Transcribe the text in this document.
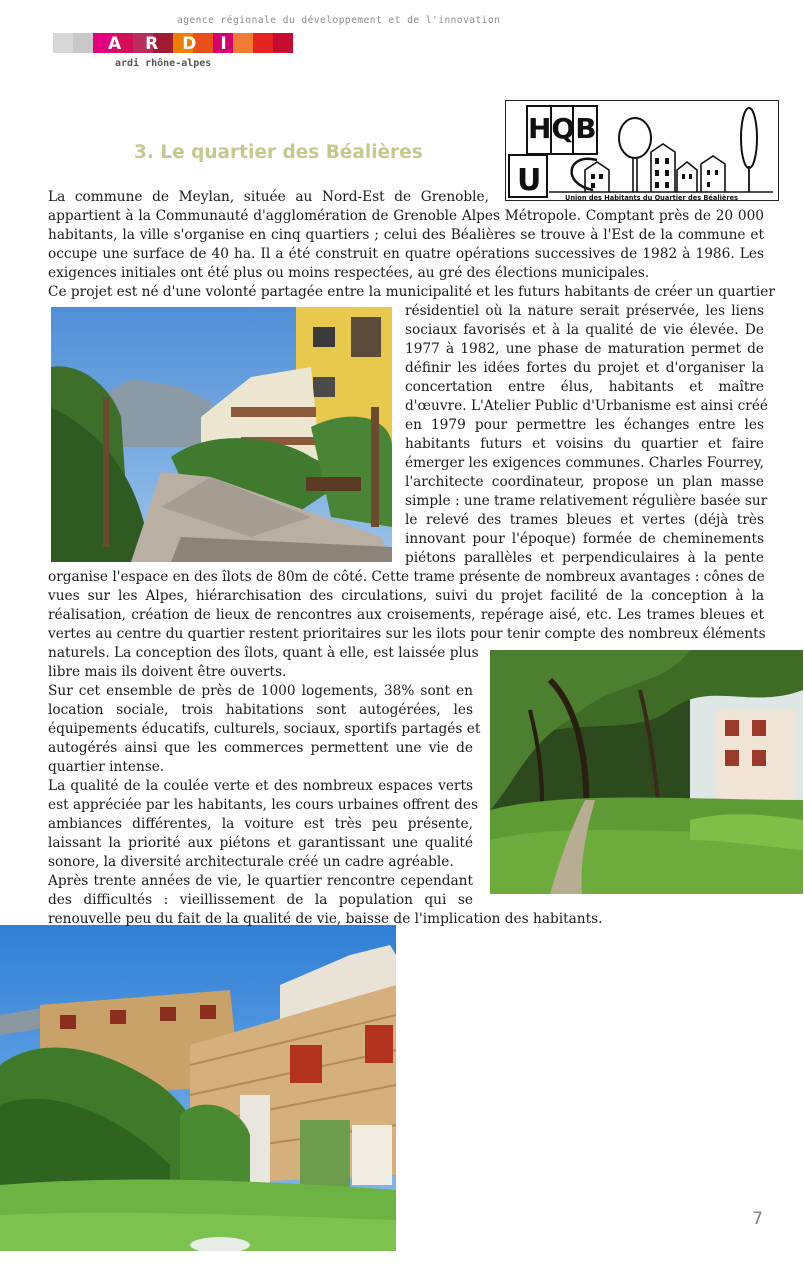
agence régionale du développement et de l'innovation
ARDI
ardi rhône-alpes
HQB
U	Union des Habitants du Quartier des Béalières
3. Le quartier des Béalières
La commune de Meylan, située au Nord-Est de Grenoble,
appartient à la Communauté d'agglomération de Grenoble Alpes Métropole. Comptant près de 20 000
habitants, la ville s'organise en cinq quartiers ; celui des Béalières se trouve à l'Est de la commune et
occupe une surface de 40 ha. Il a été construit en quatre opérations successives de 1982 à 1986. Les
exigences initiales ont été plus ou moins respectées, au gré des élections municipales.
Ce projet est né d'une volonté partagée entre la municipalité et les futurs habitants de créer un quartier
résidentiel où la nature serait préservée, les liens
sociaux favorisés et à la qualité de vie élevée. De
1977 à 1982, une phase de maturation permet de
définir les idées fortes du projet et d'organiser la
concertation entre élus, habitants et maître
d'œuvre. L'Atelier Public d'Urbanisme est ainsi créé
en 1979 pour permettre les échanges entre les
habitants futurs et voisins du quartier et faire
émerger les exigences communes. Charles Fourrey,
l'architecte coordinateur, propose un plan masse
simple : une trame relativement régulière basée sur
le relevé des trames bleues et vertes (déjà très
innovant pour l'époque) formée de cheminements
piétons parallèles et perpendiculaires à la pente
organise l'espace en des îlots de 80m de côté. Cette trame présente de nombreux avantages : cônes de
vues sur les Alpes, hiérarchisation des circulations, suivi du projet facilité de la conception à la
réalisation, création de lieux de rencontres aux croisements, repérage aisé, etc. Les trames bleues et
vertes au centre du quartier restent prioritaires sur les ilots pour tenir compte des nombreux éléments
naturels. La conception des îlots, quant à elle, est laissée plus
libre mais ils doivent être ouverts.
Sur cet ensemble de près de 1000 logements, 38% sont en
location sociale, trois habitations sont autogérées, les
équipements éducatifs, culturels, sociaux, sportifs partagés et
autogérés ainsi que les commerces permettent une vie de
quartier intense.
La qualité de la coulée verte et des nombreux espaces verts
est appréciée par les habitants, les cours urbaines offrent des
ambiances différentes, la voiture est très peu présente,
laissant la priorité aux piétons et garantissant une qualité
sonore, la diversité architecturale créé un cadre agréable.
Après trente années de vie, le quartier rencontre cependant
des difficultés : vieillissement de la population qui se
renouvelle peu du fait de la qualité de vie, baisse de l'implication des habitants.
7
